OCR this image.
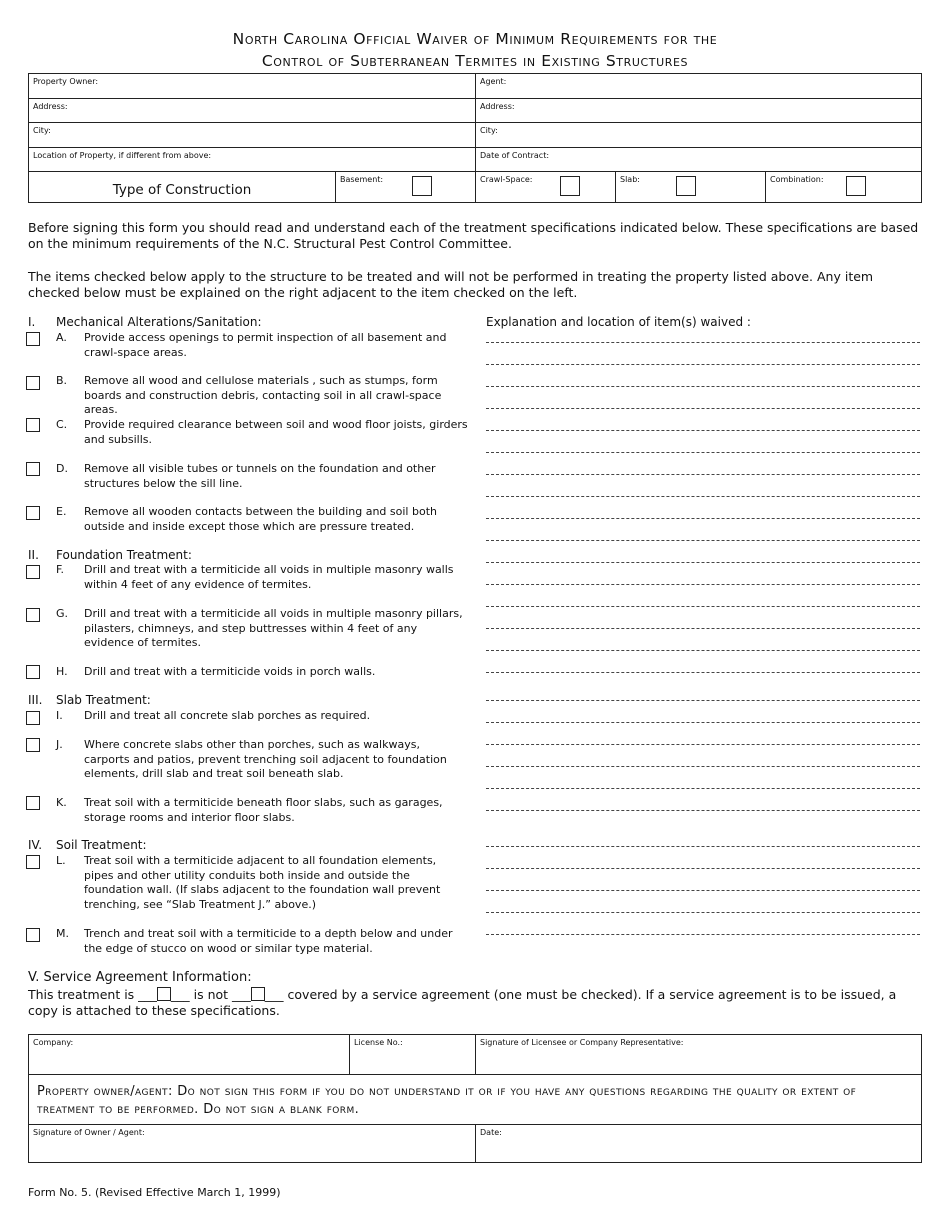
North Carolina Official Waiver of Minimum Requirements for the
Control of Subterranean Termites in Existing Structures
Property Owner:		Agent:		
Address:		Address:		
City:		City:		
Location of Property, if different from above:		Date of Contract:		
Type of Construction	Basement:	Crawl-Space:	Slab:	Combination:
Before signing this form you should read and understand each of the treatment specifications indicated below. These specifications are based on the minimum requirements of the N.C. Structural Pest Control Committee.
The items checked below apply to the structure to be treated and will not be performed in treating the property listed above. Any item checked below must be explained on the right adjacent to the item checked on the left.
I. Mechanical Alterations/Sanitation:
II. Foundation Treatment:
III. Slab Treatment:
IV. Soil Treatment:
A. Provide access openings to permit inspection of all basement and crawl-space areas.
B. Remove all wood and cellulose materials , such as stumps, form boards and construction debris, contacting soil in all crawl-space areas.
C. Provide required clearance between soil and wood floor joists, girders and subsills.
D. Remove all visible tubes or tunnels on the foundation and other structures below the sill line.
E. Remove all wooden contacts between the building and soil both outside and inside except those which are pressure treated.
F. Drill and treat with a termiticide all voids in multiple masonry walls within 4 feet of any evidence of termites.
G. Drill and treat with a termiticide all voids in multiple masonry pillars, pilasters, chimneys, and step buttresses within 4 feet of any evidence of termites.
H. Drill and treat with a termiticide voids in porch walls.
I. Drill and treat all concrete slab porches as required.
J. Where concrete slabs other than porches, such as walkways, carports and patios, prevent trenching soil adjacent to foundation elements, drill slab and treat soil beneath slab.
K. Treat soil with a termiticide beneath floor slabs, such as garages, storage rooms and interior floor slabs.
L. Treat soil with a termiticide adjacent to all foundation elements, pipes and other utility conduits both inside and outside the foundation wall. (If slabs adjacent to the foundation wall prevent trenching, see “Slab Treatment J.” above.)
M. Trench and treat soil with a termiticide to a depth below and under the edge of stucco on wood or similar type material.
Explanation and location of item(s) waived :
V. Service Agreement Information:
This treatment is ___ ___ is not ___ ___ covered by a service agreement (one must be checked). If a service agreement is to be issued, a copy is attached to these specifications.
Company:	License No.:	Signature of Licensee or Company Representative:
Property owner/agent: Do not sign this form if you do not understand it or if you have any questions regarding the quality or extent of treatment to be performed. Do not sign a blank form.		
Signature of Owner / Agent:		Date:
Form No. 5. (Revised Effective March 1, 1999)
